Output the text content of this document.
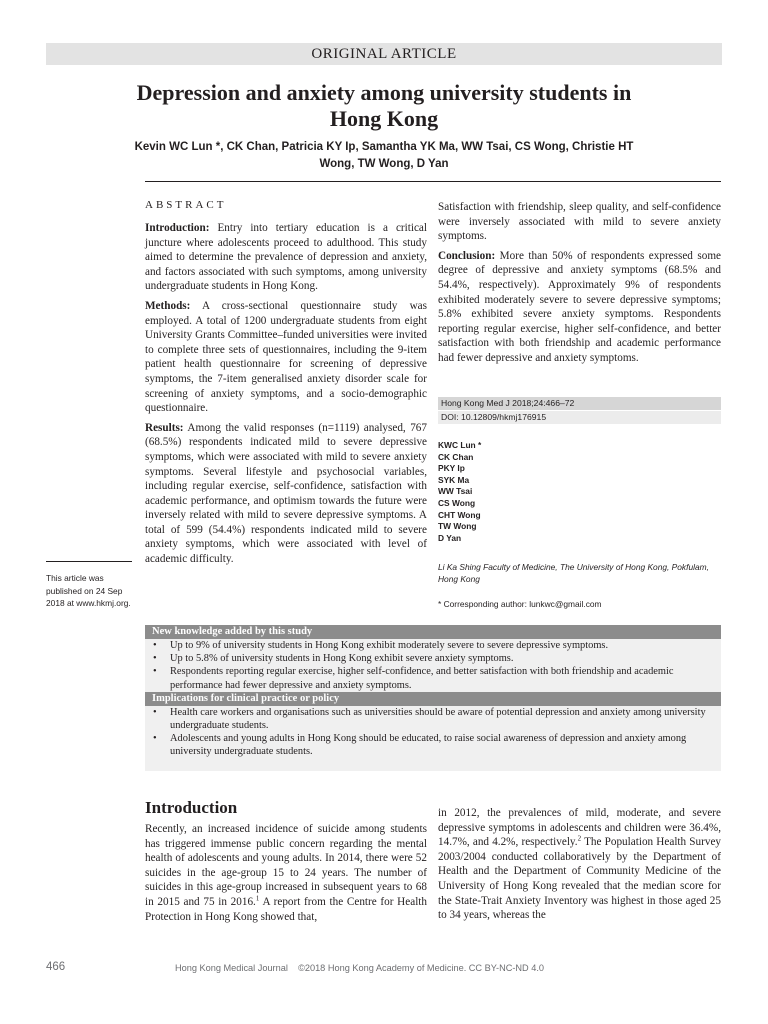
ORIGINAL ARTICLE
Depression and anxiety among university students in Hong Kong
Kevin WC Lun *, CK Chan, Patricia KY Ip, Samantha YK Ma, WW Tsai, CS Wong, Christie HT Wong, TW Wong, D Yan
ABSTRACT

Introduction: Entry into tertiary education is a critical juncture where adolescents proceed to adulthood. This study aimed to determine the prevalence of depression and anxiety, and factors associated with such symptoms, among university undergraduate students in Hong Kong.

Methods: A cross-sectional questionnaire study was employed. A total of 1200 undergraduate students from eight University Grants Committee–funded universities were invited to complete three sets of questionnaires, including the 9-item patient health questionnaire for screening of depressive symptoms, the 7-item generalised anxiety disorder scale for screening of anxiety symptoms, and a socio-demographic questionnaire.

Results: Among the valid responses (n=1119) analysed, 767 (68.5%) respondents indicated mild to severe depressive symptoms, which were associated with mild to severe anxiety symptoms. Several lifestyle and psychosocial variables, including regular exercise, self-confidence, satisfaction with academic performance, and optimism towards the future were inversely related with mild to severe depressive symptoms. A total of 599 (54.4%) respondents indicated mild to severe anxiety symptoms, which were associated with level of academic difficulty.

Satisfaction with friendship, sleep quality, and self-confidence were inversely associated with mild to severe anxiety symptoms.

Conclusion: More than 50% of respondents expressed some degree of depressive and anxiety symptoms (68.5% and 54.4%, respectively). Approximately 9% of respondents exhibited moderately severe to severe depressive symptoms; 5.8% exhibited severe anxiety symptoms. Respondents reporting regular exercise, higher self-confidence, and better satisfaction with both friendship and academic performance had fewer depressive and anxiety symptoms.

Hong Kong Med J 2018;24:466–72
DOI: 10.12809/hkmj176915
KWC Lun *
CK Chan
PKY Ip
SYK Ma
WW Tsai
CS Wong
CHT Wong
TW Wong
D Yan
Li Ka Shing Faculty of Medicine, The University of Hong Kong, Pokfulam, Hong Kong
* Corresponding author: lunkwc@gmail.com
This article was published on 24 Sep 2018 at www.hkmj.org.
New knowledge added by this study
• Up to 9% of university students in Hong Kong exhibit moderately severe to severe depressive symptoms.
• Up to 5.8% of university students in Hong Kong exhibit severe anxiety symptoms.
• Respondents reporting regular exercise, higher self-confidence, and better satisfaction with both friendship and academic performance had fewer depressive and anxiety symptoms.
Implications for clinical practice or policy
• Health care workers and organisations such as universities should be aware of potential depression and anxiety among university undergraduate students.
• Adolescents and young adults in Hong Kong should be educated, to raise social awareness of depression and anxiety among university undergraduate students.
Introduction

Recently, an increased incidence of suicide among students has triggered immense public concern regarding the mental health of adolescents and young adults. In 2014, there were 52 suicides in the age-group 15 to 24 years. The number of suicides in this age-group increased in subsequent years to 68 in 2015 and 75 in 2016.$^1$ A report from the Centre for Health Protection in Hong Kong showed that,

in 2012, the prevalences of mild, moderate, and severe depressive symptoms in adolescents and children were 36.4%, 14.7%, and 4.2%, respectively.$^2$ The Population Health Survey 2003/2004 conducted collaboratively by the Department of Health and the Department of Community Medicine of the University of Hong Kong revealed that the median score for the State-Trait Anxiety Inventory was highest in those aged 25 to 34 years, whereas the

466	Hong Kong Medical Journal    ©2018 Hong Kong Academy of Medicine. CC BY-NC-ND 4.0
